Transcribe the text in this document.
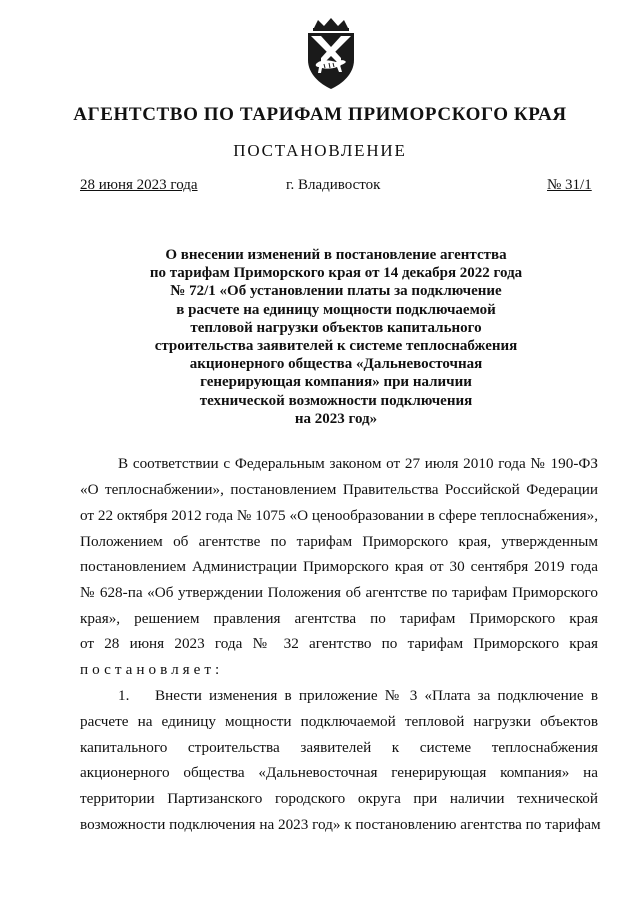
АГЕНТСТВО ПО ТАРИФАМ ПРИМОРСКОГО КРАЯ
ПОСТАНОВЛЕНИЕ
28 июня 2023 года	г. Владивосток	№ 31/1
О внесении изменений в постановление агентства
по тарифам Приморского края от 14 декабря 2022 года
№ 72/1 «Об установлении платы за подключение
в расчете на единицу мощности подключаемой
тепловой нагрузки объектов капитального
строительства заявителей к системе теплоснабжения
акционерного общества «Дальневосточная
генерирующая компания» при наличии
технической возможности подключения
на 2023 год»
В соответствии с Федеральным законом от 27 июля 2010 года № 190-ФЗ
«О теплоснабжении», постановлением Правительства Российской Федерации
от 22 октября 2012 года № 1075 «О ценообразовании в сфере теплоснабжения»,
Положением об агентстве по тарифам Приморского края, утвержденным
постановлением Администрации Приморского края от 30 сентября 2019 года
№ 628-па «Об утверждении Положения об агентстве по тарифам Приморского
края», решением правления агентства по тарифам Приморского края
от 28 июня 2023 года № 32 агентство по тарифам Приморского края
постановляет:
1. Внести изменения в приложение № 3 «Плата за подключение в
расчете на единицу мощности подключаемой тепловой нагрузки объектов
капитального строительства заявителей к системе теплоснабжения
акционерного общества «Дальневосточная генерирующая компания» на
территории Партизанского городского округа при наличии технической
возможности подключения на 2023 год» к постановлению агентства по тарифам
